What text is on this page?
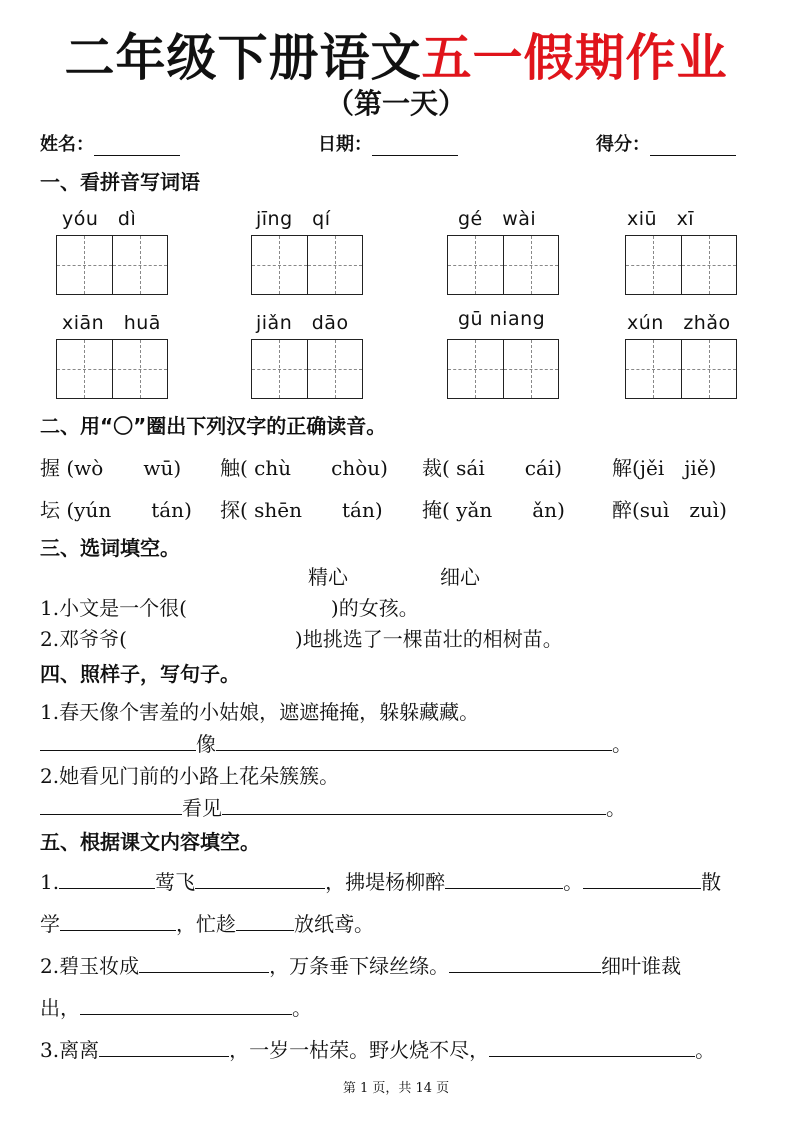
二年级下册语文五一假期作业
（第一天）
姓名：	日期：	得分：
一、看拼音写词语
yóu　dì	jīng　qí	gé　wài	xiū　xī
xiān　huā	jiǎn　dāo	gū niang	xún　zhǎo
二、用“〇”圈出下列汉字的正确读音。
握 (wò　　wū) 触( chù　　chòu) 裁( sái　　cái) 解(jěi　jiě)
坛 (yún　　tán) 探( shēn　　tán) 掩( yǎn　　ǎn) 醉(suì　zuì)
三、选词填空。
精心	细心
1.小文是一个很(	)的女孩。
2.邓爷爷(	)地挑选了一棵苗壮的相树苗。
四、照样子，写句子。
1.春天像个害羞的小姑娘，遮遮掩掩，躲躲藏藏。
像	。
2.她看见门前的小路上花朵簇簇。
看见	。
五、根据课文内容填空。
1.	莺飞	，拂堤杨柳醉	。	散
学	，忙趁	放纸鸢。
2.碧玉妆成	，万条垂下绿丝绦。	细叶谁裁
出，	。
3.离离	，一岁一枯荣。野火烧不尽，	。
第 1 页，共 14 页
